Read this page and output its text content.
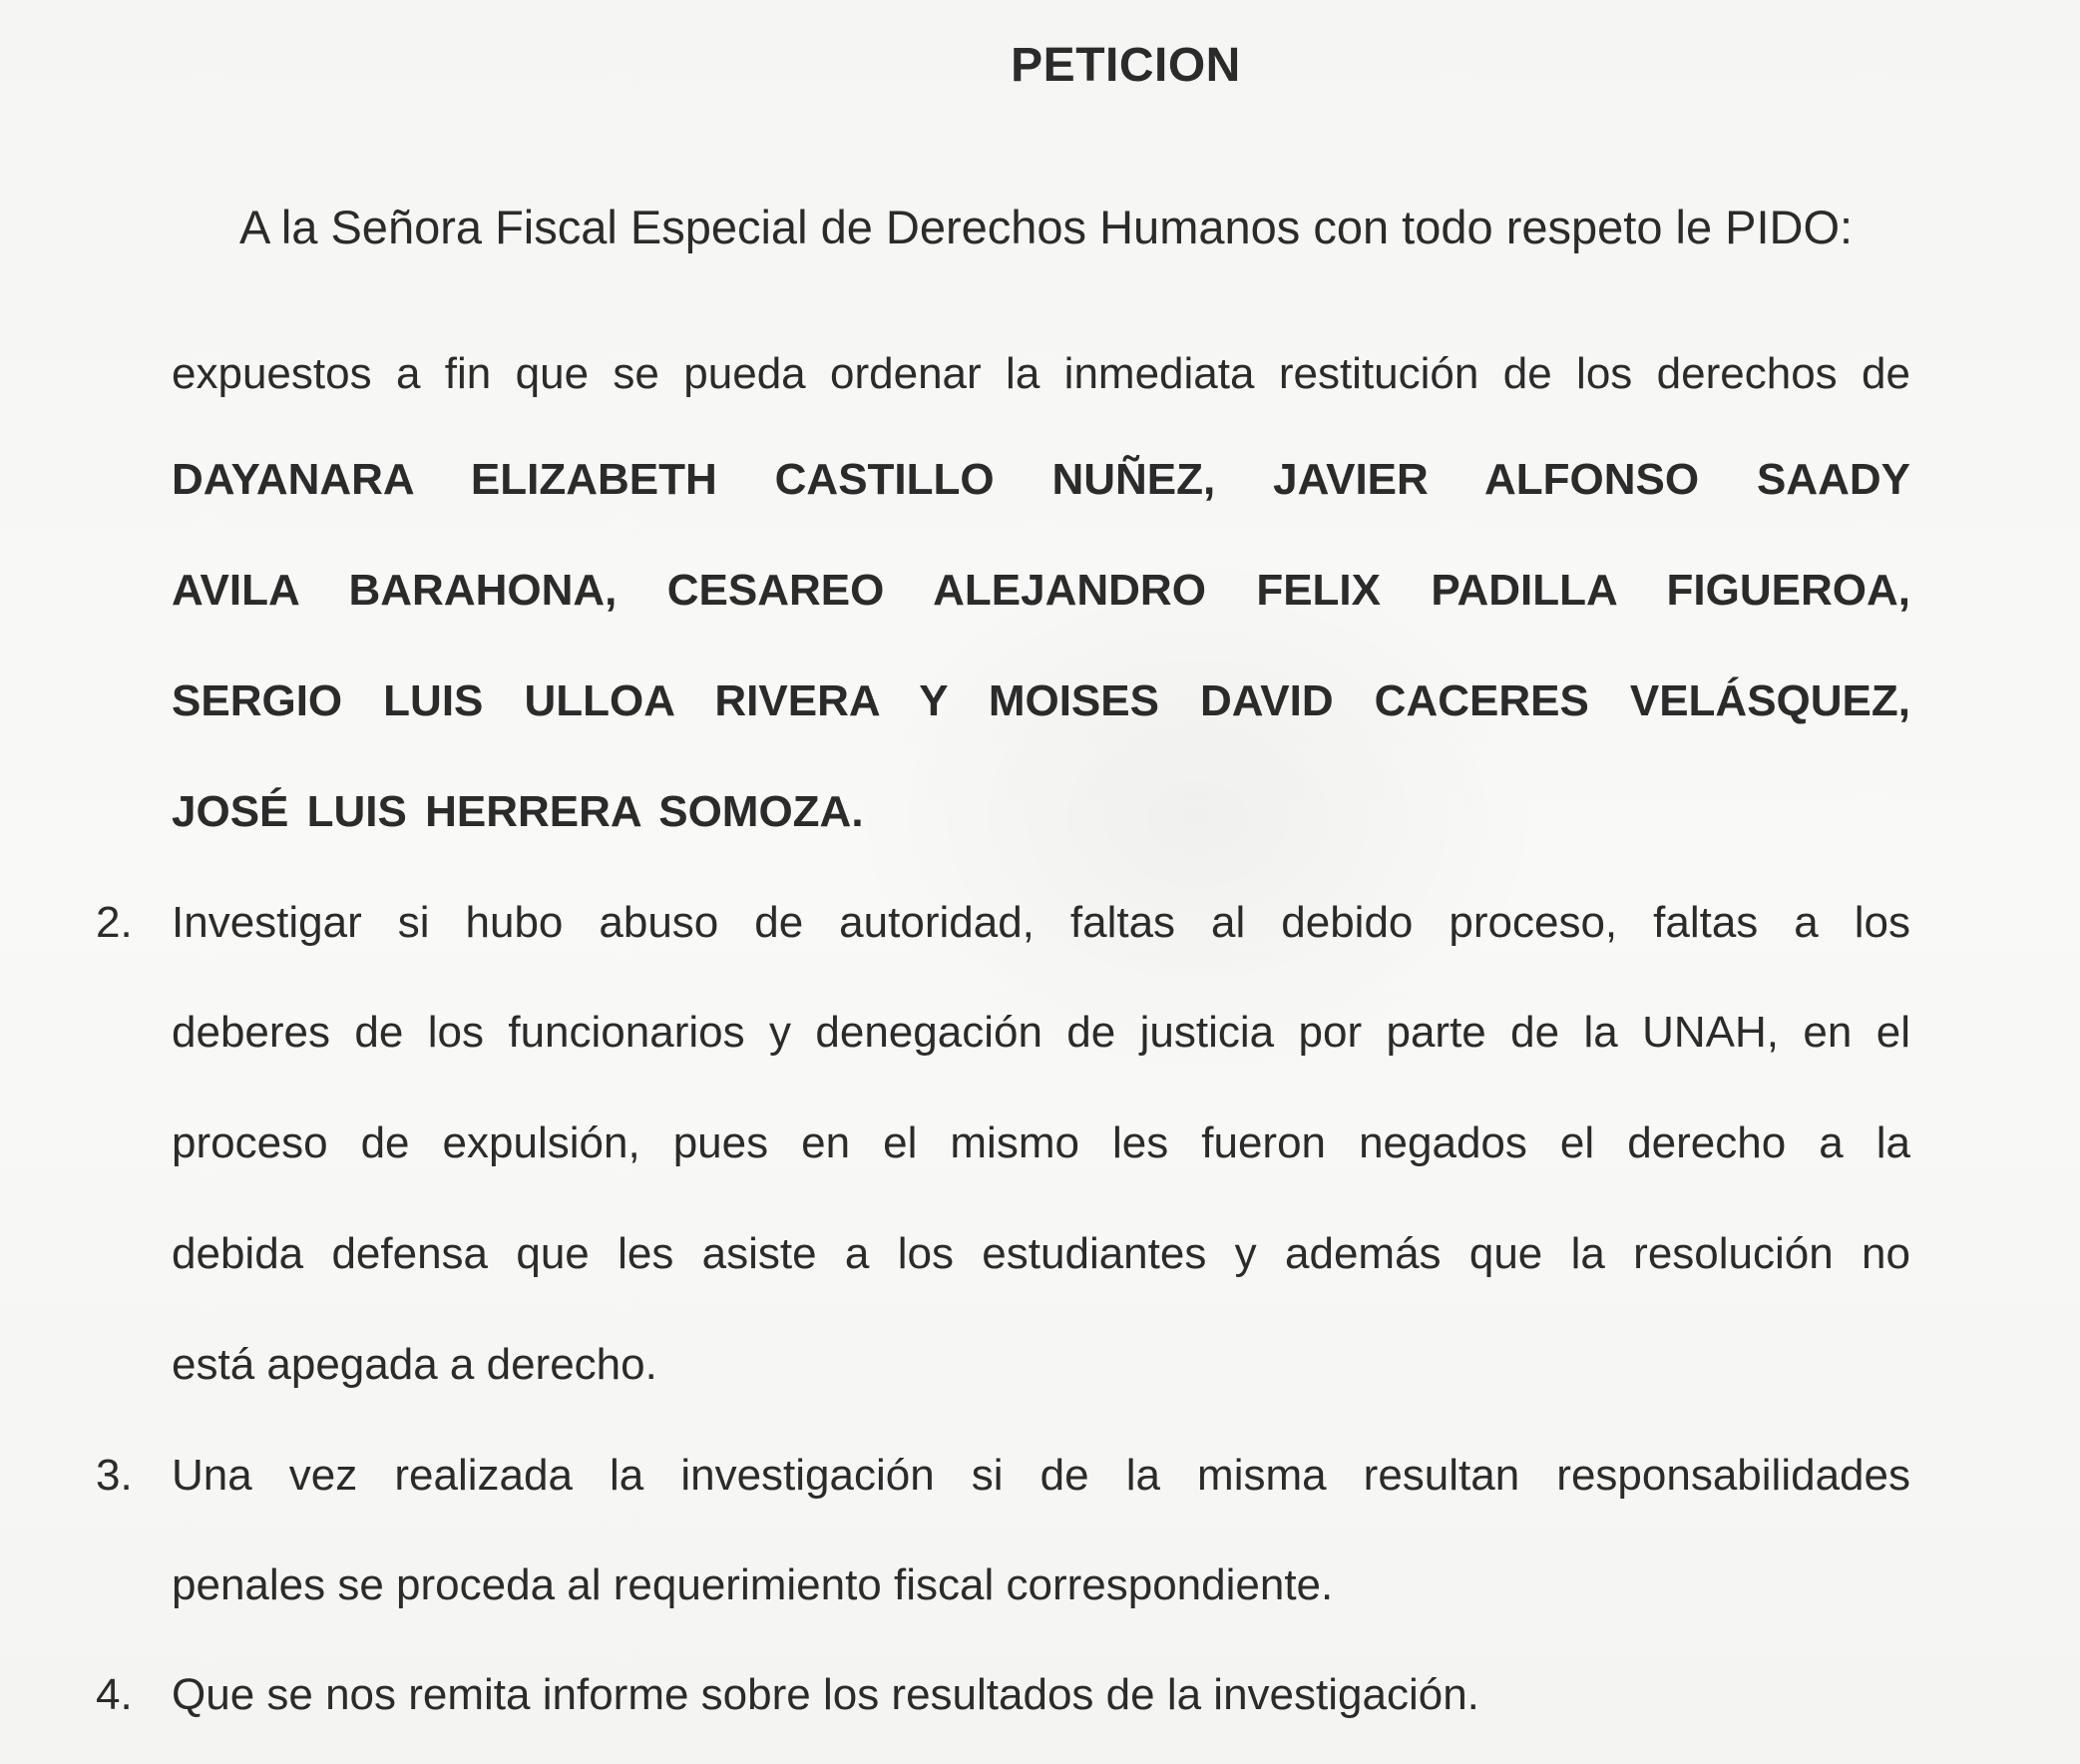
PETICION

A la Señora Fiscal Especial de Derechos Humanos con todo respeto le PIDO:

expuestos a fin que se pueda ordenar la inmediata restitución de los derechos de

DAYANARA ELIZABETH CASTILLO NUÑEZ, JAVIER ALFONSO SAADY

AVILA BARAHONA, CESAREO ALEJANDRO FELIX PADILLA FIGUEROA,

SERGIO LUIS ULLOA RIVERA Y MOISES DAVID CACERES VELÁSQUEZ,

JOSÉ LUIS HERRERA SOMOZA.

2. Investigar si hubo abuso de autoridad, faltas al debido proceso, faltas a los

deberes de los funcionarios y denegación de justicia por parte de la UNAH, en el

proceso de expulsión, pues en el mismo les fueron negados el derecho a la

debida defensa que les asiste a los estudiantes y además que la resolución no

está apegada a derecho.

3. Una vez realizada la investigación si de la misma resultan responsabilidades

penales se proceda al requerimiento fiscal correspondiente.

4. Que se nos remita informe sobre los resultados de la investigación.
